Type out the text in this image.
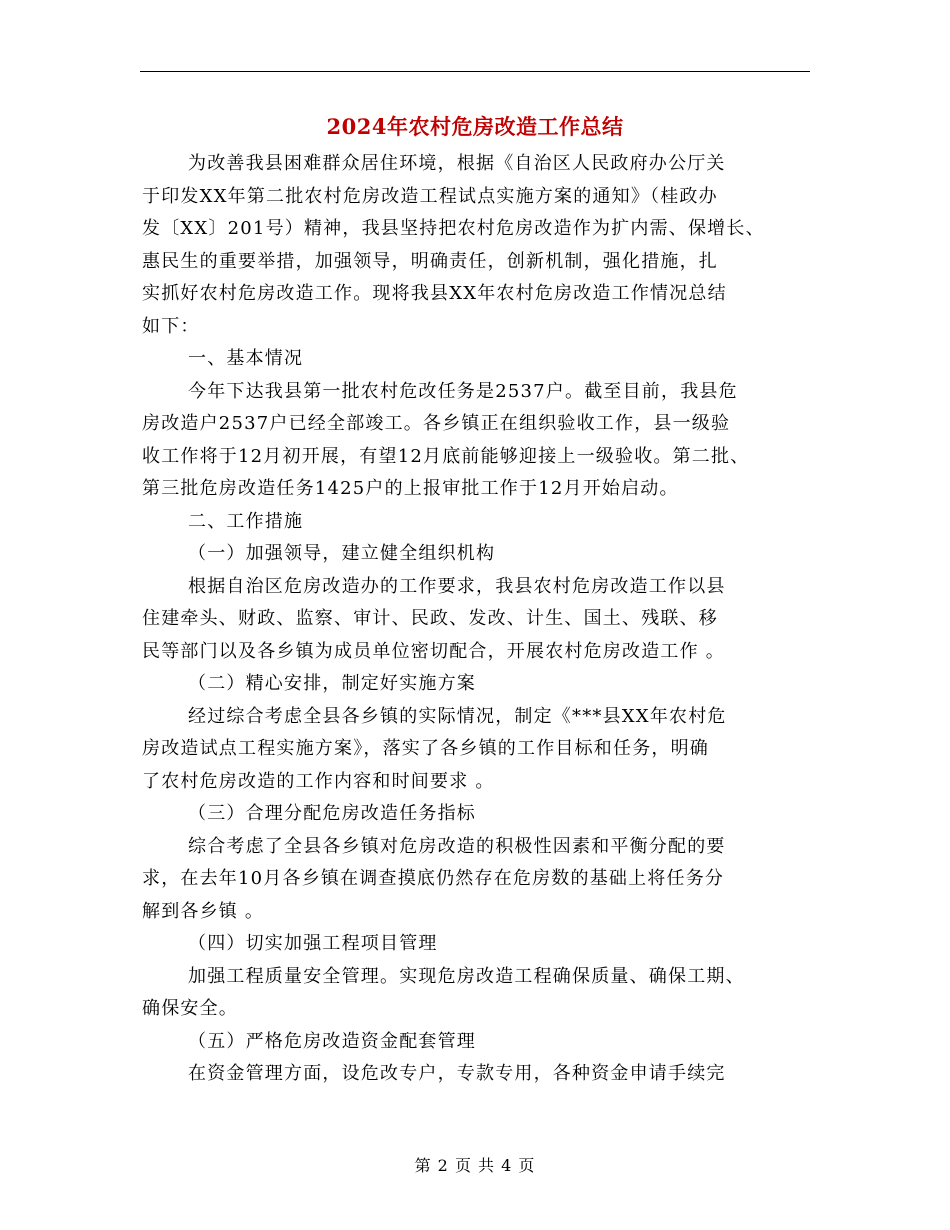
2024年农村危房改造工作总结
为改善我县困难群众居住环境，根据《自治区人民政府办公厅关
于印发XX年第二批农村危房改造工程试点实施方案的通知》（桂政办
发〔XX〕201号）精神，我县坚持把农村危房改造作为扩内需、保增长、
惠民生的重要举措，加强领导，明确责任，创新机制，强化措施，扎
实抓好农村危房改造工作。现将我县XX年农村危房改造工作情况总结
如下：
一、基本情况
今年下达我县第一批农村危改任务是2537户。截至目前，我县危
房改造户2537户已经全部竣工。各乡镇正在组织验收工作，县一级验
收工作将于12月初开展，有望12月底前能够迎接上一级验收。第二批、
第三批危房改造任务1425户的上报审批工作于12月开始启动。
二、工作措施
（一）加强领导，建立健全组织机构
根据自治区危房改造办的工作要求，我县农村危房改造工作以县
住建牵头、财政、监察、审计、民政、发改、计生、国土、残联、移
民等部门以及各乡镇为成员单位密切配合，开展农村危房改造工作 。
（二）精心安排，制定好实施方案
经过综合考虑全县各乡镇的实际情况，制定《***县XX年农村危
房改造试点工程实施方案》，落实了各乡镇的工作目标和任务，明确
了农村危房改造的工作内容和时间要求 。
（三）合理分配危房改造任务指标
综合考虑了全县各乡镇对危房改造的积极性因素和平衡分配的要
求，在去年10月各乡镇在调查摸底仍然存在危房数的基础上将任务分
解到各乡镇 。
（四）切实加强工程项目管理
加强工程质量安全管理。实现危房改造工程确保质量、确保工期、
确保安全。
（五）严格危房改造资金配套管理
在资金管理方面，设危改专户，专款专用，各种资金申请手续完
第 2 页 共 4 页
